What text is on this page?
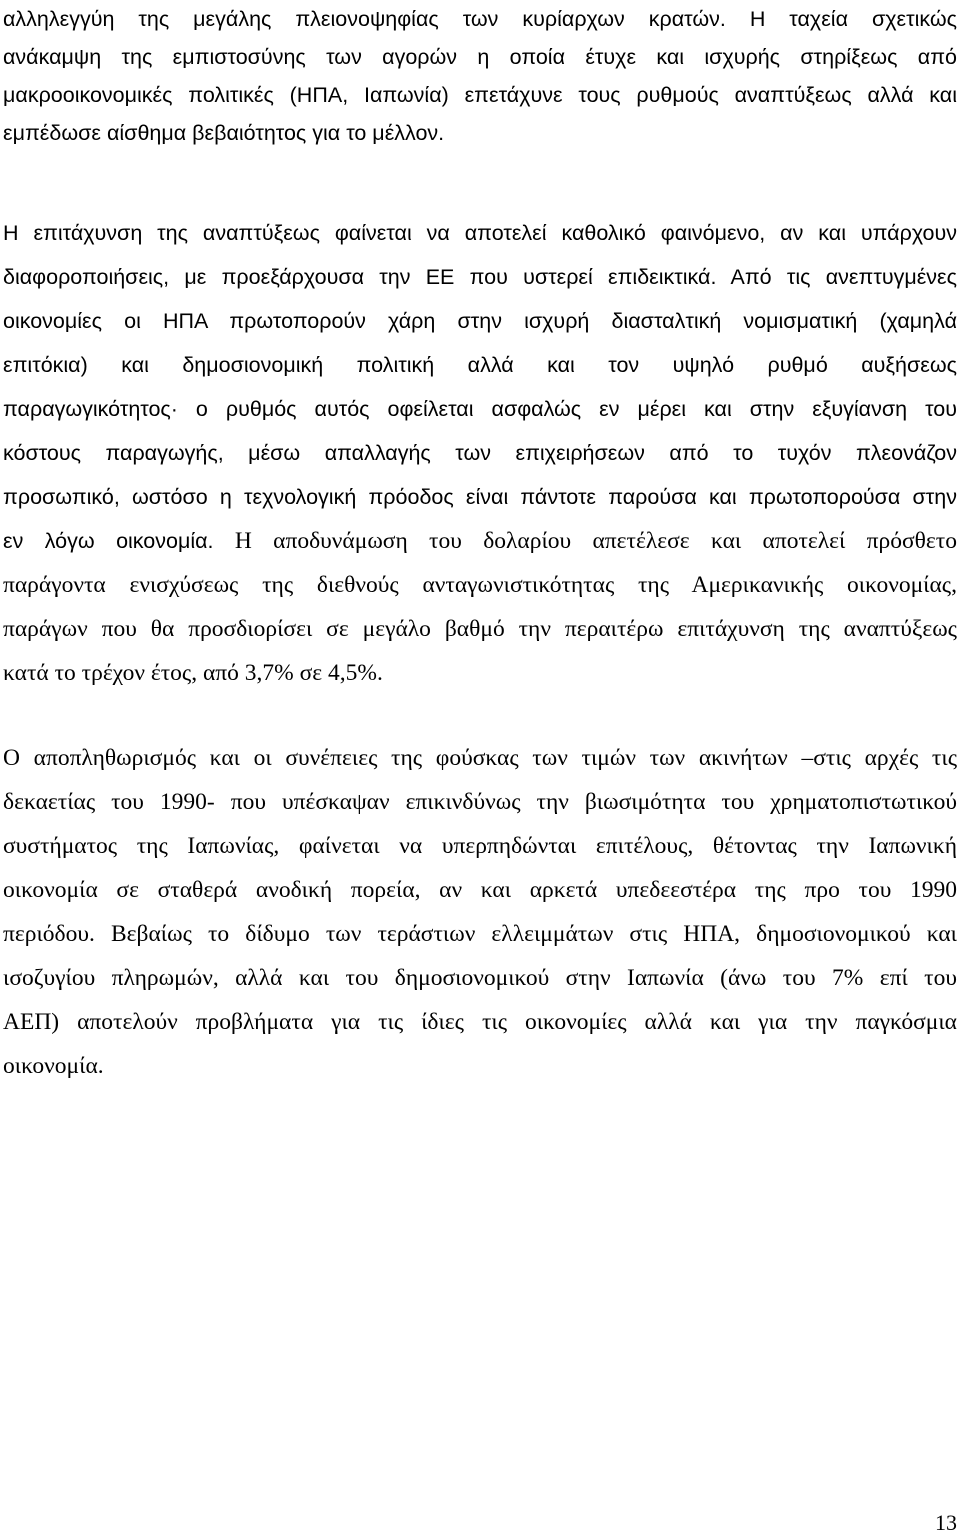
αλληλεγγύη της μεγάλης πλειονοψηφίας των κυρίαρχων κρατών. Η ταχεία σχετικώς
ανάκαμψη της εμπιστοσύνης των αγορών η οποία έτυχε και ισχυρής στηρίξεως από
μακροοικονομικές πολιτικές (ΗΠΑ, Ιαπωνία) επετάχυνε τους ρυθμούς αναπτύξεως αλλά και
εμπέδωσε αίσθημα βεβαιότητος για το μέλλον.
Η επιτάχυνση της αναπτύξεως φαίνεται να αποτελεί καθολικό φαινόμενο, αν και υπάρχουν
διαφοροποιήσεις, με προεξάρχουσα την ΕΕ που υστερεί επιδεικτικά. Από τις ανεπτυγμένες
οικονομίες οι ΗΠΑ πρωτοπορούν χάρη στην ισχυρή διασταλτική νομισματική (χαμηλά
επιτόκια) και δημοσιονομική πολιτική αλλά και τον υψηλό ρυθμό αυξήσεως
παραγωγικότητος· ο ρυθμός αυτός οφείλεται ασφαλώς εν μέρει και στην εξυγίανση του
κόστους παραγωγής, μέσω απαλλαγής των επιχειρήσεων από το τυχόν πλεονάζον
προσωπικό, ωστόσο η τεχνολογική πρόοδος είναι πάντοτε παρούσα και πρωτοπορούσα στην
εν λόγω οικονομία. Η αποδυνάμωση του δολαρίου απετέλεσε και αποτελεί πρόσθετο
παράγοντα ενισχύσεως της διεθνούς ανταγωνιστικότητας της Αμερικανικής οικονομίας,
παράγων που θα προσδιορίσει σε μεγάλο βαθμό την περαιτέρω επιτάχυνση της αναπτύξεως
κατά το τρέχον έτος, από 3,7% σε 4,5%.
Ο αποπληθωρισμός και οι συνέπειες της φούσκας των τιμών των ακινήτων –στις αρχές τις
δεκαετίας του 1990- που υπέσκαψαν επικινδύνως την βιωσιμότητα του χρηματοπιστωτικού
συστήματος της Ιαπωνίας, φαίνεται να υπερπηδώνται επιτέλους, θέτοντας την Ιαπωνική
οικονομία σε σταθερά ανοδική πορεία, αν και αρκετά υπεδεεστέρα της προ του 1990
περιόδου. Βεβαίως το δίδυμο των τεράστιων ελλειμμάτων στις ΗΠΑ, δημοσιονομικού και
ισοζυγίου πληρωμών, αλλά και του δημοσιονομικού στην Ιαπωνία (άνω του 7% επί του
ΑΕΠ) αποτελούν προβλήματα για τις ίδιες τις οικονομίες αλλά και για την παγκόσμια
οικονομία.
13
